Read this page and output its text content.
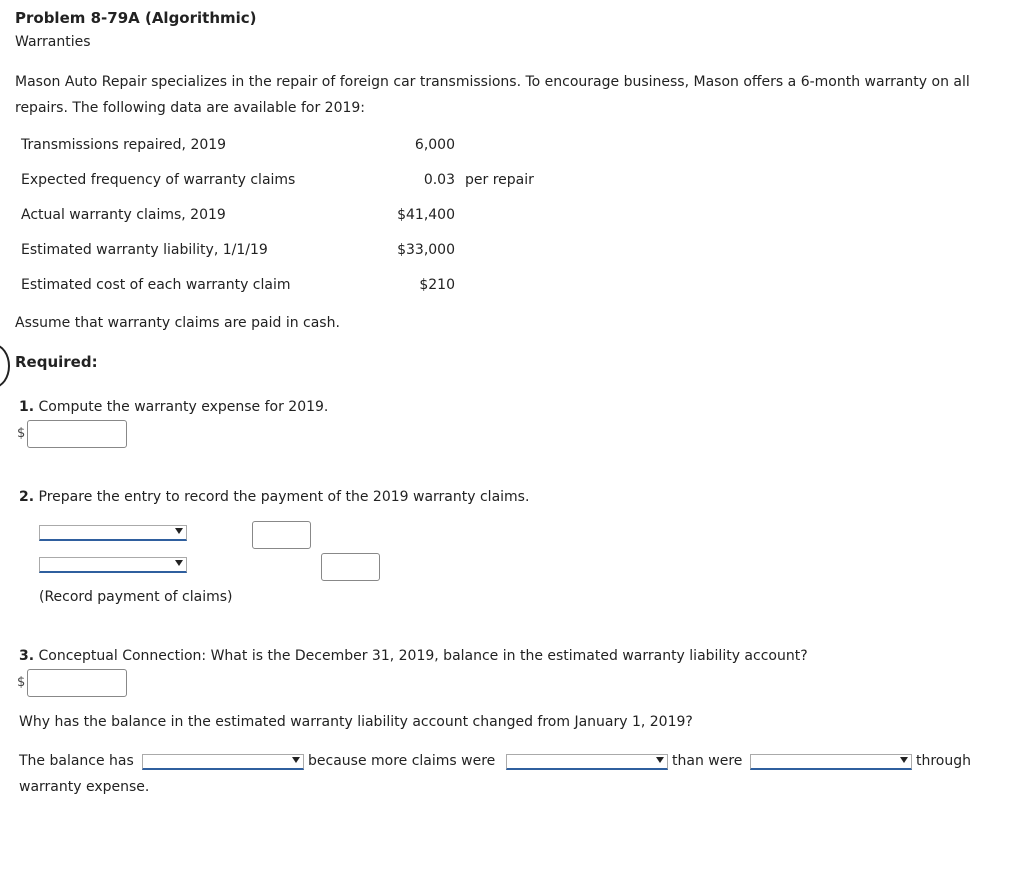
Problem 8-79A (Algorithmic)
Warranties
Mason Auto Repair specializes in the repair of foreign car transmissions. To encourage business, Mason offers a 6-month warranty on all repairs. The following data are available for 2019:
Transmissions repaired, 2019	6,000
Expected frequency of warranty claims	0.03 per repair
Actual warranty claims, 2019	$41,400
Estimated warranty liability, 1/1/19	$33,000
Estimated cost of each warranty claim	$210
Assume that warranty claims are paid in cash.
Required:
1. Compute the warranty expense for 2019.
$
2. Prepare the entry to record the payment of the 2019 warranty claims.
(Record payment of claims)
3. Conceptual Connection: What is the December 31, 2019, balance in the estimated warranty liability account?
$
Why has the balance in the estimated warranty liability account changed from January 1, 2019?
The balance has	because more claims were	than were	through
warranty expense.
